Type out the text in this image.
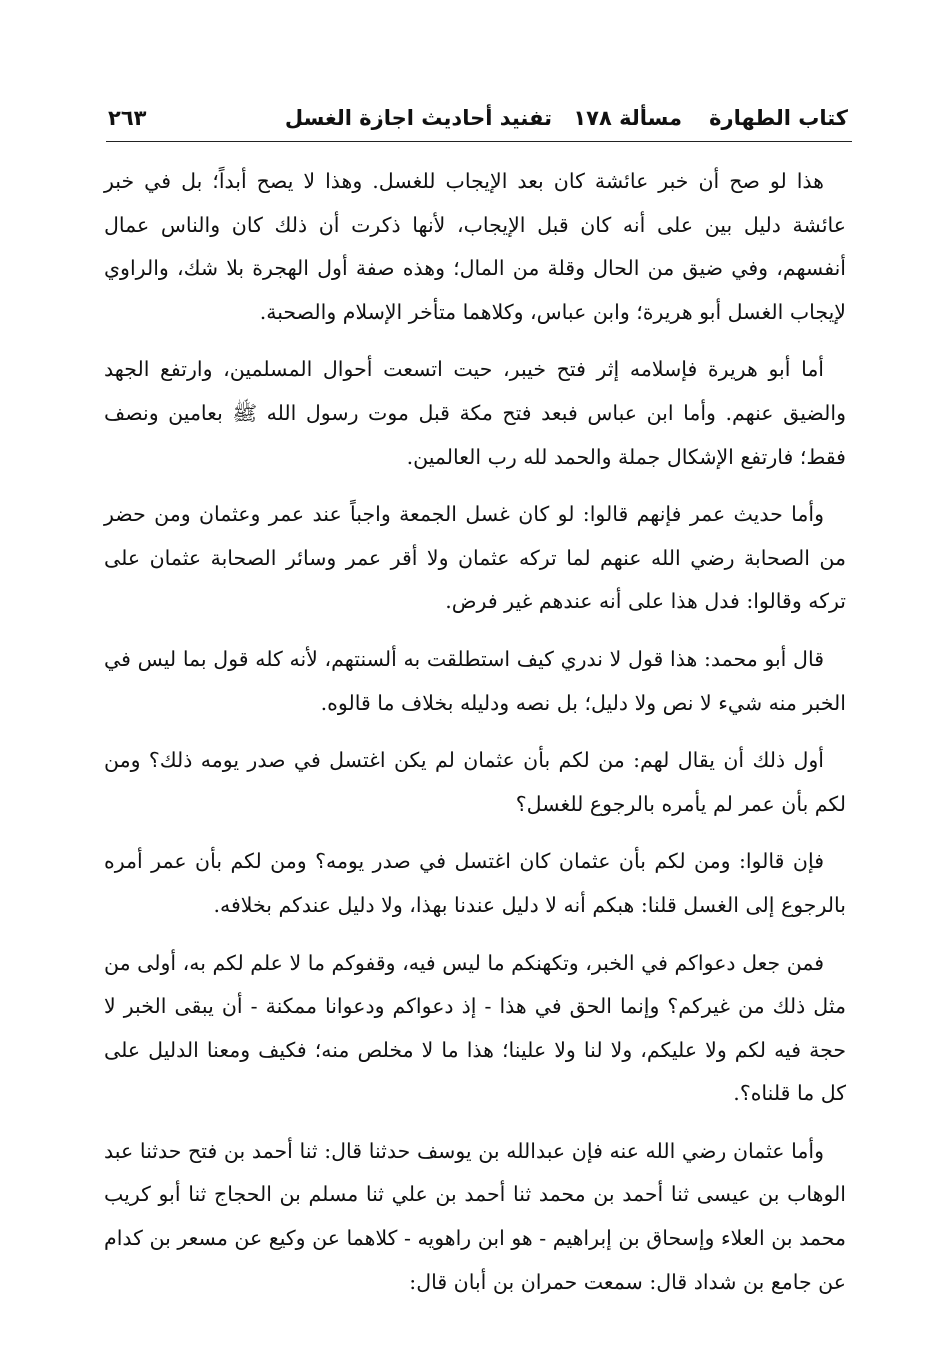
كتاب الطهارة
مسألة ١٧٨
تفنيد أحاديث اجازة الغسل
٢٦٣

هذا لو صح أن خبر عائشة كان بعد الإيجاب للغسل. وهذا لا يصح أبداً؛ بل في خبر عائشة دليل بين على أنه كان قبل الإيجاب، لأنها ذكرت أن ذلك كان والناس عمال أنفسهم، وفي ضيق من الحال وقلة من المال؛ وهذه صفة أول الهجرة بلا شك، والراوي لإيجاب الغسل أبو هريرة؛ وابن عباس، وكلاهما متأخر الإسلام والصحبة.

أما أبو هريرة فإسلامه إثر فتح خيبر، حيت اتسعت أحوال المسلمين، وارتفع الجهد والضيق عنهم. وأما ابن عباس فبعد فتح مكة قبل موت رسول الله ﷺ بعامين ونصف فقط؛ فارتفع الإشكال جملة والحمد لله رب العالمين.

وأما حديث عمر فإنهم قالوا: لو كان غسل الجمعة واجباً عند عمر وعثمان ومن حضر من الصحابة رضي الله عنهم لما تركه عثمان ولا أقر عمر وسائر الصحابة عثمان على تركه وقالوا: فدل هذا على أنه عندهم غير فرض.

قال أبو محمد: هذا قول لا ندري كيف استطلقت به ألسنتهم، لأنه كله قول بما ليس في الخبر منه شيء لا نص ولا دليل؛ بل نصه ودليله بخلاف ما قالوه.

أول ذلك أن يقال لهم: من لكم بأن عثمان لم يكن اغتسل في صدر يومه ذلك؟ ومن لكم بأن عمر لم يأمره بالرجوع للغسل؟

فإن قالوا: ومن لكم بأن عثمان كان اغتسل في صدر يومه؟ ومن لكم بأن عمر أمره بالرجوع إلى الغسل قلنا: هبكم أنه لا دليل عندنا بهذا، ولا دليل عندكم بخلافه.

فمن جعل دعواكم في الخبر، وتكهنكم ما ليس فيه، وقفوكم ما لا علم لكم به، أولى من مثل ذلك من غيركم؟ وإنما الحق في هذا - إذ دعواكم ودعوانا ممكنة - أن يبقى الخبر لا حجة فيه لكم ولا عليكم، ولا لنا ولا علينا؛ هذا ما لا مخلص منه؛ فكيف ومعنا الدليل على كل ما قلناه؟.

وأما عثمان رضي الله عنه فإن عبدالله بن يوسف حدثنا قال: ثنا أحمد بن فتح حدثنا عبد الوهاب بن عيسى ثنا أحمد بن محمد ثنا أحمد بن علي ثنا مسلم بن الحجاج ثنا أبو كريب محمد بن العلاء وإسحاق بن إبراهيم - هو ابن راهويه - كلاهما عن وكيع عن مسعر بن كدام عن جامع بن شداد قال: سمعت حمران بن أبان قال:
